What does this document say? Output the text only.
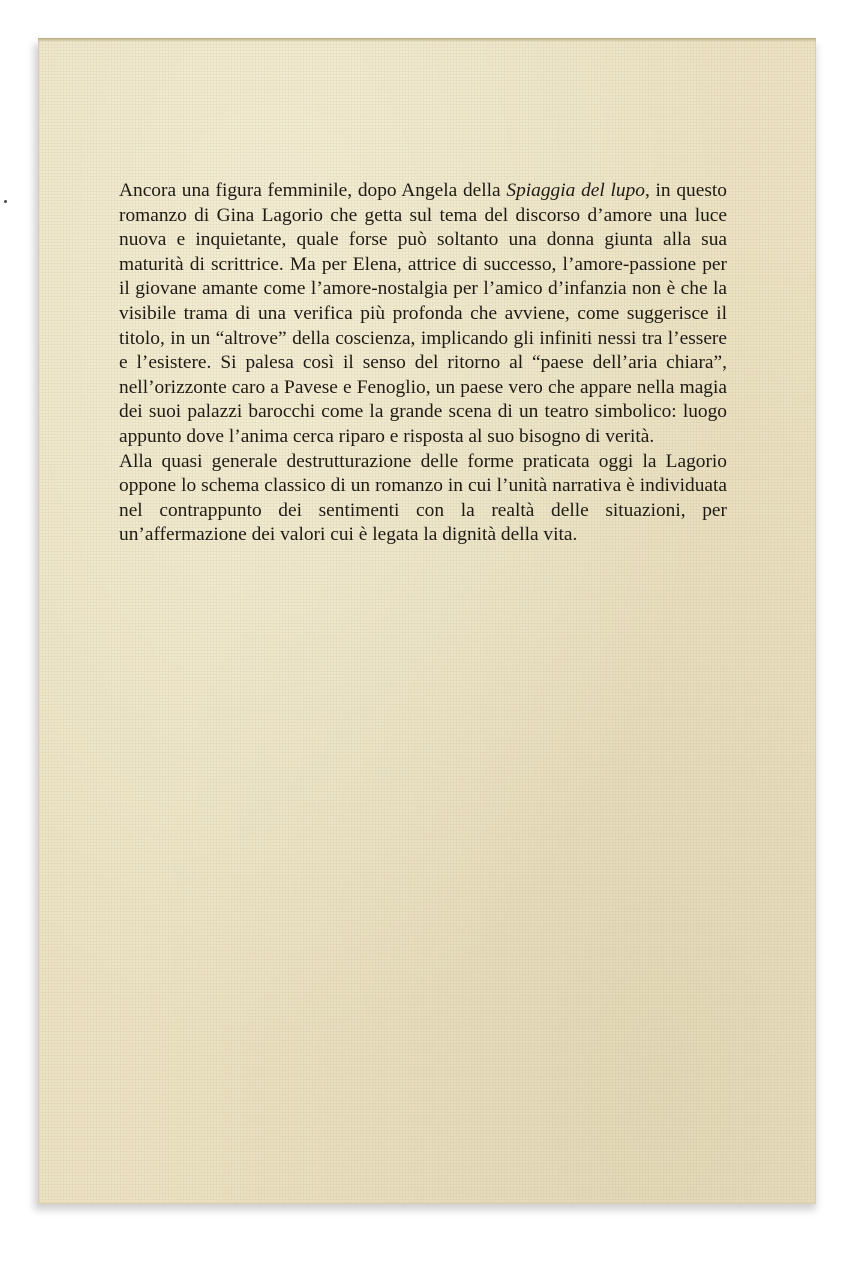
Ancora una figura femminile, dopo Angela della Spiaggia del lupo, in questo romanzo di Gina Lagorio che getta sul tema del discorso d’amore una luce nuova e inquietante, quale forse può soltanto una donna giunta alla sua maturità di scrittrice. Ma per Elena, attrice di successo, l’amore-passione per il giovane amante come l’amore-nostalgia per l’amico d’infanzia non è che la visibile trama di una verifica più profonda che avviene, come suggerisce il titolo, in un “altrove” della coscienza, implicando gli infiniti nessi tra l’essere e l’esistere. Si palesa così il senso del ritorno al “paese dell’aria chiara”, nell’orizzonte caro a Pavese e Fenoglio, un paese vero che appare nella magia dei suoi palazzi barocchi come la grande scena di un teatro simbolico: luogo appunto dove l’anima cerca riparo e risposta al suo bisogno di verità.

Alla quasi generale destrutturazione delle forme praticata oggi la Lagorio oppone lo schema classico di un romanzo in cui l’unità narrativa è individuata nel contrappunto dei sentimenti con la realtà delle situazioni, per un’affermazione dei valori cui è legata la dignità della vita.
